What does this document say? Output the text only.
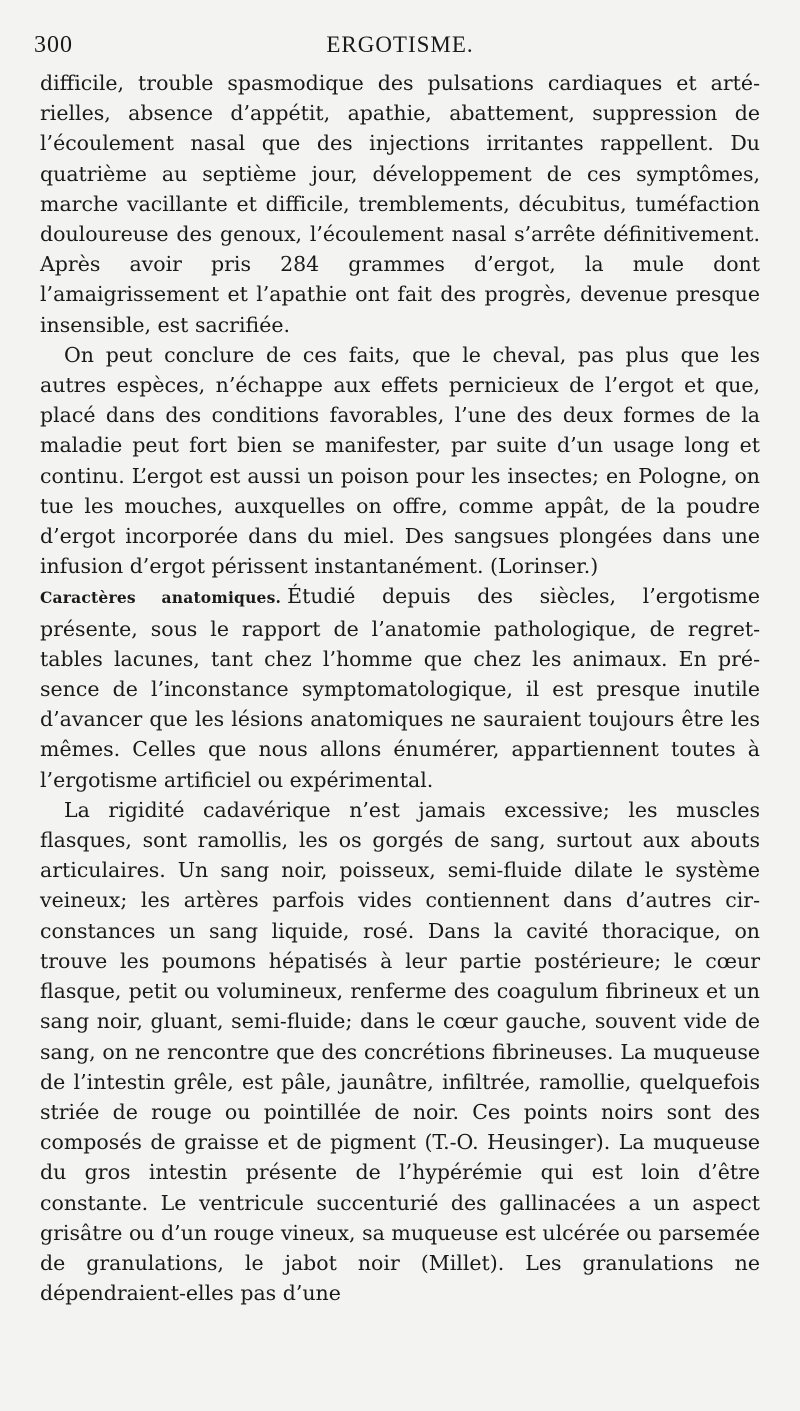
300	ERGOTISME.

difficile, trouble spasmodique des pulsations cardiaques et artérielles, absence d’appétit, apathie, abattement, suppression de l’écoulement nasal que des injections irritantes rappellent. Du quatrième au septième jour, développement de ces symptômes, marche vacillante et difficile, tremblements, décubitus, tuméfaction douloureuse des genoux, l’écoulement nasal s’arrête définitivement. Après avoir pris 284 grammes d’ergot, la mule dont l’amaigrissement et l’apathie ont fait des progrès, devenue presque insensible, est sacrifiée.

On peut conclure de ces faits, que le cheval, pas plus que les autres espèces, n’échappe aux effets pernicieux de l’ergot et que, placé dans des conditions favorables, l’une des deux formes de la maladie peut fort bien se manifester, par suite d’un usage long et continu. L’ergot est aussi un poison pour les insectes; en Pologne, on tue les mouches, auxquelles on offre, comme appât, de la poudre d’ergot incorporée dans du miel. Des sangsues plongées dans une infusion d’ergot périssent instantanément. (Lorinser.)

Caractères anatomiques. Étudié depuis des siècles, l’ergotisme présente, sous le rapport de l’anatomie pathologique, de regrettables lacunes, tant chez l’homme que chez les animaux. En présence de l’inconstance symptomatologique, il est presque inutile d’avancer que les lésions anatomiques ne sauraient toujours être les mêmes. Celles que nous allons énumérer, appartiennent toutes à l’ergotisme artificiel ou expérimental.

La rigidité cadavérique n’est jamais excessive; les muscles flasques, sont ramollis, les os gorgés de sang, surtout aux abouts articulaires. Un sang noir, poisseux, semi-fluide dilate le système veineux; les artères parfois vides contiennent dans d’autres circonstances un sang liquide, rosé. Dans la cavité thoracique, on trouve les poumons hépatisés à leur partie postérieure; le cœur flasque, petit ou volumineux, renferme des coagulum fibrineux et un sang noir, gluant, semi-fluide; dans le cœur gauche, souvent vide de sang, on ne rencontre que des concrétions fibrineuses. La muqueuse de l’intestin grêle, est pâle, jaunâtre, infiltrée, ramollie, quelquefois striée de rouge ou pointillée de noir. Ces points noirs sont des composés de graisse et de pigment (T.-O. Heusinger). La muqueuse du gros intestin présente de l’hypérémie qui est loin d’être constante. Le ventricule succenturié des gallinacées a un aspect grisâtre ou d’un rouge vineux, sa muqueuse est ulcérée ou parsemée de granulations, le jabot noir (Millet). Les granulations ne dépendraient-elles pas d’une
